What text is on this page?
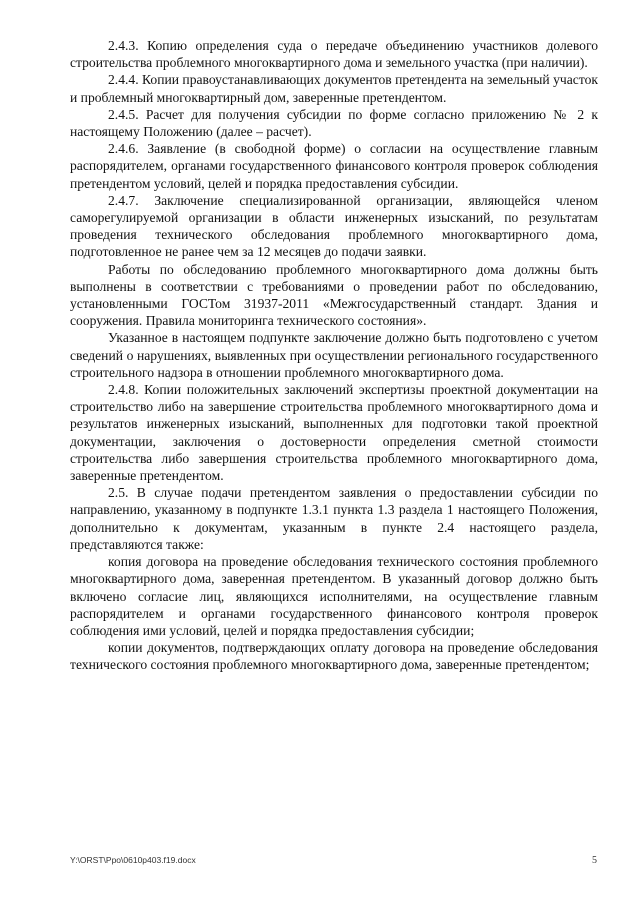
2.4.3. Копию определения суда о передаче объединению участников долевого строительства проблемного многоквартирного дома и земельного участка (при наличии).

2.4.4. Копии правоустанавливающих документов претендента на земельный участок и проблемный многоквартирный дом, заверенные претендентом.

2.4.5. Расчет для получения субсидии по форме согласно приложению № 2 к настоящему Положению (далее – расчет).

2.4.6. Заявление (в свободной форме) о согласии на осуществление главным распорядителем, органами государственного финансового контроля проверок соблюдения претендентом условий, целей и порядка предоставления субсидии.

2.4.7. Заключение специализированной организации, являющейся членом саморегулируемой организации в области инженерных изысканий, по результатам проведения технического обследования проблемного многоквартирного дома, подготовленное не ранее чем за 12 месяцев до подачи заявки.

Работы по обследованию проблемного многоквартирного дома должны быть выполнены в соответствии с требованиями о проведении работ по обследованию, установленными ГОСТом 31937-2011 «Межгосударственный стандарт. Здания и сооружения. Правила мониторинга технического состояния».

Указанное в настоящем подпункте заключение должно быть подготовлено с учетом сведений о нарушениях, выявленных при осуществлении регионального государственного строительного надзора в отношении проблемного многоквартирного дома.

2.4.8. Копии положительных заключений экспертизы проектной документации на строительство либо на завершение строительства проблемного многоквартирного дома и результатов инженерных изысканий, выполненных для подготовки такой проектной документации, заключения о достоверности определения сметной стоимости строительства либо завершения строительства проблемного многоквартирного дома, заверенные претендентом.

2.5. В случае подачи претендентом заявления о предоставлении субсидии по направлению, указанному в подпункте 1.3.1 пункта 1.3 раздела 1 настоящего Положения, дополнительно к документам, указанным в пункте 2.4 настоящего раздела, представляются также:

копия договора на проведение обследования технического состояния проблемного многоквартирного дома, заверенная претендентом. В указанный договор должно быть включено согласие лиц, являющихся исполнителями, на осуществление главным распорядителем и органами государственного финансового контроля проверок соблюдения ими условий, целей и порядка предоставления субсидии;

копии документов, подтверждающих оплату договора на проведение обследования технического состояния проблемного многоквартирного дома, заверенные претендентом;

Y:\ORST\Ppo\0610p403.f19.docx	5
